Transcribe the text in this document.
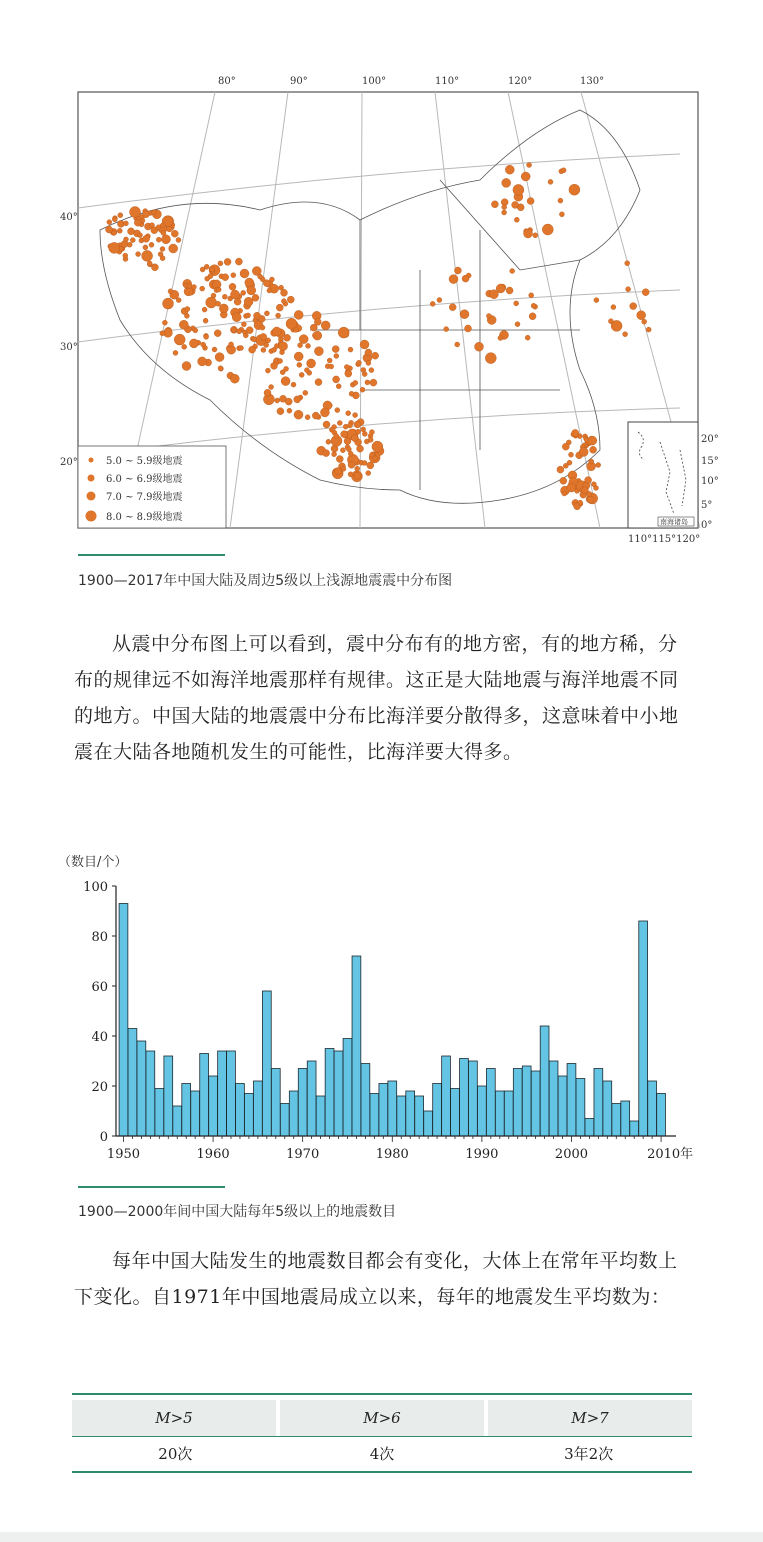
80°	90°	100°	110°	120°	130°
40°
30°
20°	5.0 ~ 5.9级地震
6.0 ~ 6.9级地震
7.0 ~ 7.9级地震
8.0 ~ 8.9级地震	南海诸岛
20°
15°
10°
5°
0°
110°115°120°
1900—2017年中国大陆及周边5级以上浅源地震震中分布图
从震中分布图上可以看到，震中分布有的地方密，有的地方稀，分布的规律远不如海洋地震那样有规律。这正是大陆地震与海洋地震不同的地方。中国大陆的地震震中分布比海洋要分散得多，这意味着中小地震在大陆各地随机发生的可能性，比海洋要大得多。
（数目/个）
0
20
40
60
80
100
1950	1960	1970	1980	1990	2000	2010年
1900—2000年间中国大陆每年5级以上的地震数目
每年中国大陆发生的地震数目都会有变化，大体上在常年平均数上下变化。自1971年中国地震局成立以来，每年的地震发生平均数为：
M>5	M>6	M>7
20次	4次	3年2次
